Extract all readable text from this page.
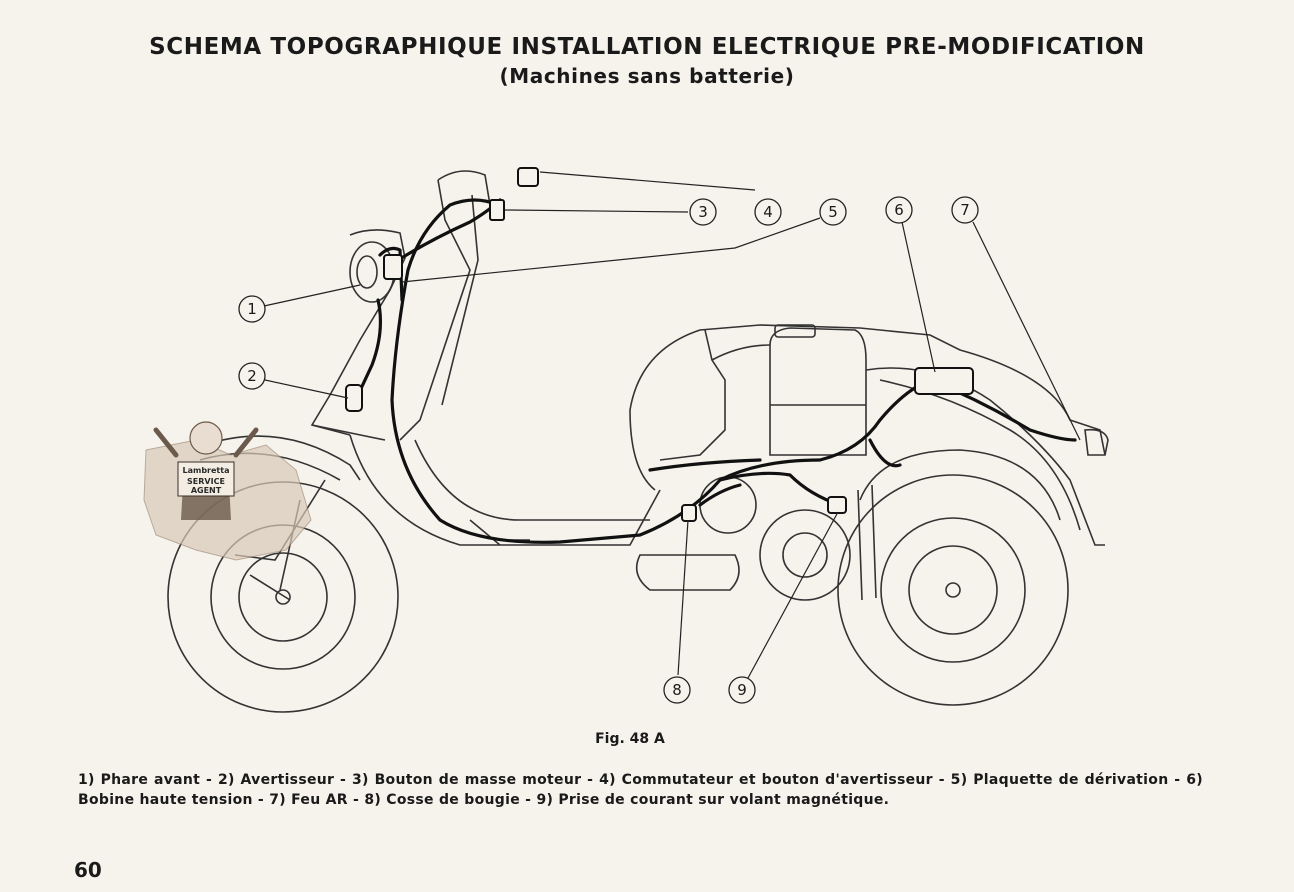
SCHEMA TOPOGRAPHIQUE INSTALLATION ELECTRIQUE PRE-MODIFICATION
(Machines sans batterie)
1
2
3	4	5	6	7
8	9
Lambretta
SERVICE
AGENT
Fig. 48 A
1) Phare avant - 2) Avertisseur - 3) Bouton de masse moteur - 4) Commutateur et bouton d'avertisseur - 5) Plaquette de dérivation - 6) Bobine haute tension - 7) Feu AR - 8) Cosse de bougie - 9) Prise de courant sur volant magnétique.
60
